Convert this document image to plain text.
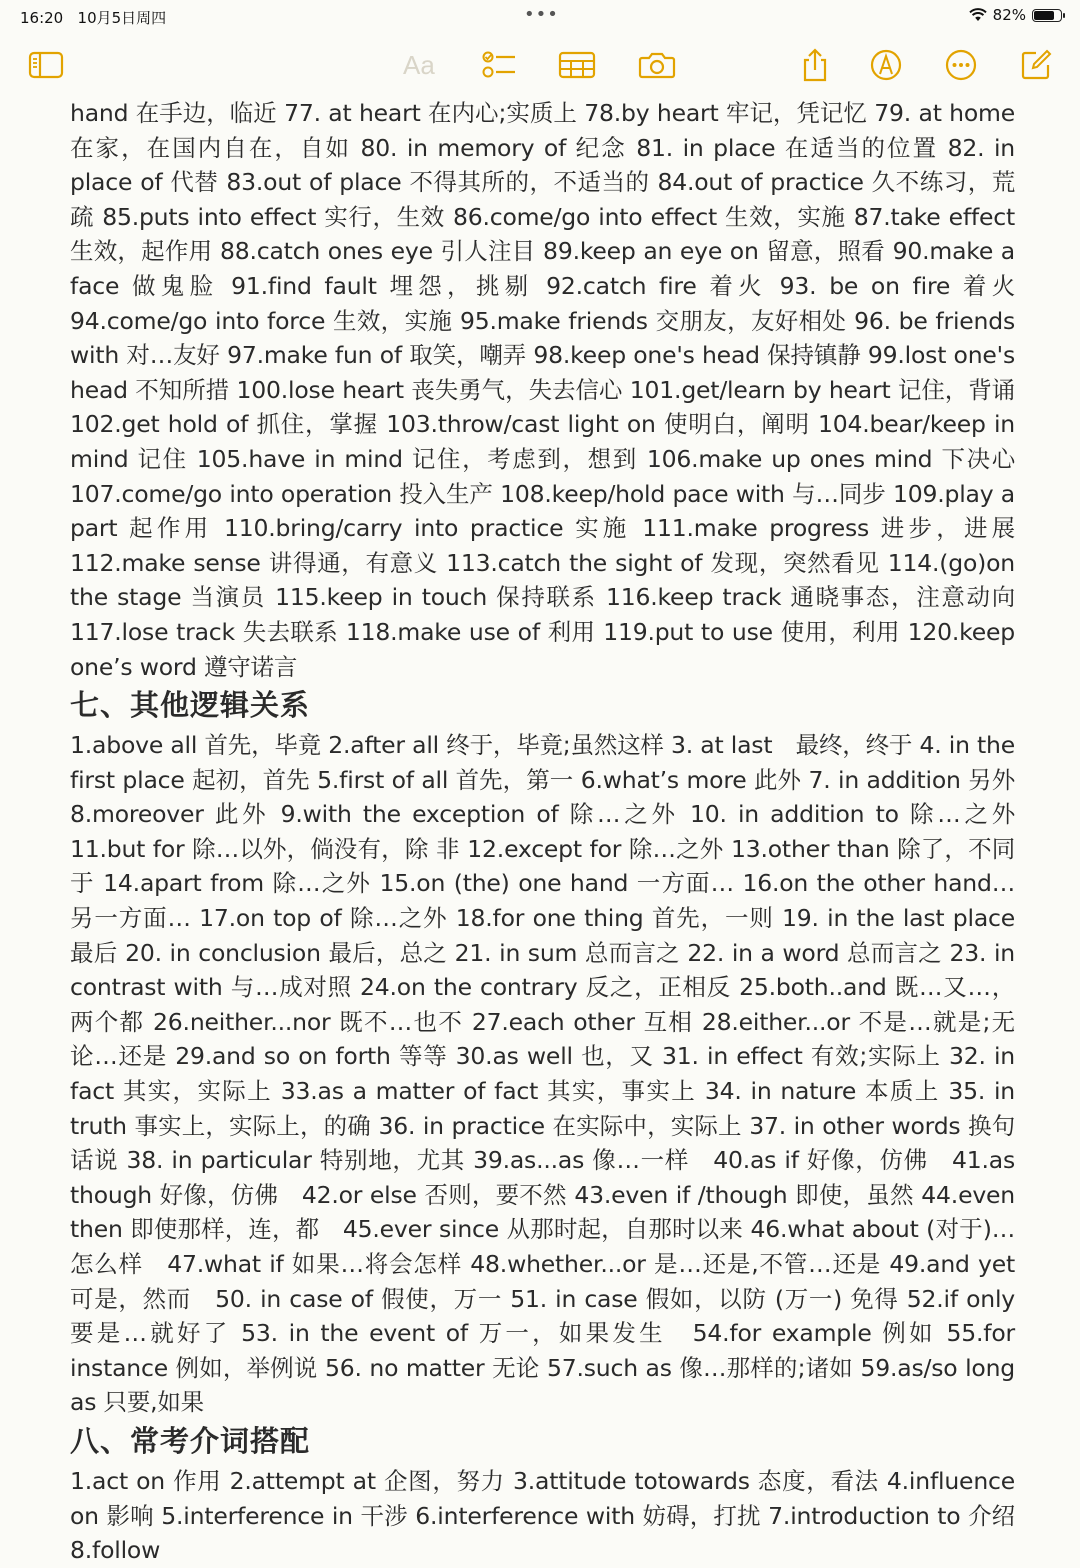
16:20 10月5日周四	•••	82%
Aa

hand 在手边，临近 77. at heart 在内心;实质上 78.by heart 牢记，凭记忆 79. at home 在家，在国内自在，自如 80. in memory of 纪念 81. in place 在适当的位置 82. in place of 代替 83.out of place 不得其所的，不适当的 84.out of practice 久不练习，荒疏 85.puts into effect 实行，生效 86.come/go into effect 生效，实施 87.take effect 生效，起作用 88.catch ones eye 引人注目 89.keep an eye on 留意，照看 90.make a face 做鬼脸 91.find fault 埋怨，挑剔 92.catch fire 着火 93. be on fire 着火 94.come/go into force 生效，实施 95.make friends 交朋友，友好相处 96. be friends with 对…友好 97.make fun of 取笑，嘲弄 98.keep one's head 保持镇静 99.lost one's head 不知所措 100.lose heart 丧失勇气，失去信心 101.get/learn by heart 记住，背诵 102.get hold of 抓住，掌握 103.throw/cast light on 使明白，阐明 104.bear/keep in mind 记住 105.have in mind 记住，考虑到，想到 106.make up ones mind 下决心 107.come/go into operation 投入生产 108.keep/hold pace with 与…同步 109.play a part 起作用 110.bring/carry into practice 实施 111.make progress 进步，进展 112.make sense 讲得通，有意义 113.catch the sight of 发现，突然看见 114.(go)on the stage 当演员 115.keep in touch 保持联系 116.keep track 通晓事态，注意动向 117.lose track 失去联系 118.make use of 利用 119.put to use 使用，利用 120.keep one’s word 遵守诺言

七、其他逻辑关系

1.above all 首先，毕竟 2.after all 终于，毕竟;虽然这样 3. at last　最终，终于 4. in the first place 起初，首先 5.first of all 首先，第一 6.what’s more 此外 7. in addition 另外 8.moreover 此外 9.with the exception of 除…之外 10. in addition to 除…之外 11.but for 除…以外，倘没有，除 非 12.except for 除…之外 13.other than 除了，不同于 14.apart from 除…之外 15.on (the) one hand 一方面… 16.on the other hand… 另一方面… 17.on top of 除…之外 18.for one thing 首先，一则 19. in the last place 最后 20. in conclusion 最后，总之 21. in sum 总而言之 22. in a word 总而言之 23. in contrast with 与…成对照 24.on the contrary 反之，正相反 25.both..and 既…又…，两个都 26.neither...nor 既不…也不 27.each other 互相 28.either...or 不是…就是;无论…还是 29.and so on forth 等等 30.as well 也，又 31. in effect 有效;实际上 32. in fact 其实，实际上 33.as a matter of fact 其实，事实上 34. in nature 本质上 35. in truth 事实上，实际上，的确 36. in practice 在实际中，实际上 37. in other words 换句话说 38. in particular 特别地，尤其 39.as...as 像…一样　40.as if 好像，仿佛　41.as though 好像，仿佛　42.or else 否则，要不然 43.even if /though 即使，虽然 44.even then 即使那样，连，都　45.ever since 从那时起，自那时以来 46.what about (对于)…怎么样　47.what if 如果…将会怎样 48.whether...or 是…还是,不管…还是 49.and yet 可是，然而　50. in case of 假使，万一 51. in case 假如，以防 (万一) 免得 52.if only 要是…就好了 53. in the event of 万一，如果发生　54.for example 例如 55.for instance 例如，举例说 56. no matter 无论 57.such as 像…那样的;诸如 59.as/so long as 只要,如果

八、常考介词搭配

1.act on 作用 2.attempt at 企图，努力 3.attitude totowards 态度，看法 4.influence on 影响 5.interference in 干涉 6.interference with 妨碍，打扰 7.introduction to 介绍 8.follow
